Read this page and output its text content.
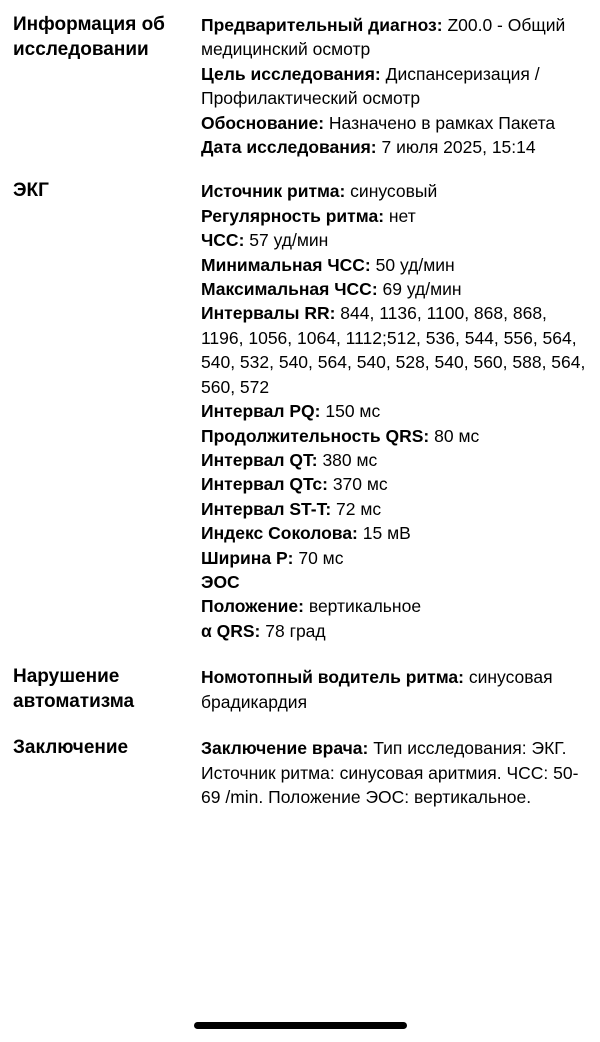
Информация об исследовании
Предварительный диагноз: Z00.0 - Общий медицинский осмотр
Цель исследования: Диспансеризация / Профилактический осмотр
Обоснование: Назначено в рамках Пакета
Дата исследования: 7 июля 2025, 15:14
ЭКГ	Источник ритма: синусовый
Регулярность ритма: нет
ЧСС: 57 уд/мин
Минимальная ЧСС: 50 уд/мин
Максимальная ЧСС: 69 уд/мин
Интервалы RR: 844, 1136, 1100, 868, 868, 1196, 1056, 1064, 1112;512, 536, 544, 556, 564, 540, 532, 540, 564, 540, 528, 540, 560, 588, 564, 560, 572
Интервал PQ: 150 мс
Продолжительность QRS: 80 мс
Интервал QT: 380 мс
Интервал QTc: 370 мс
Интервал ST-T: 72 мс
Индекс Соколова: 15 мВ
Ширина P: 70 мс
ЭОС
Положение: вертикальное
α QRS: 78 град
Нарушение автоматизма
Номотопный водитель ритма: синусовая брадикардия
Заключение	Заключение врача: Тип исследования: ЭКГ. Источник ритма: синусовая аритмия. ЧСС: 50-69 /min. Положение ЭОС: вертикальное.
